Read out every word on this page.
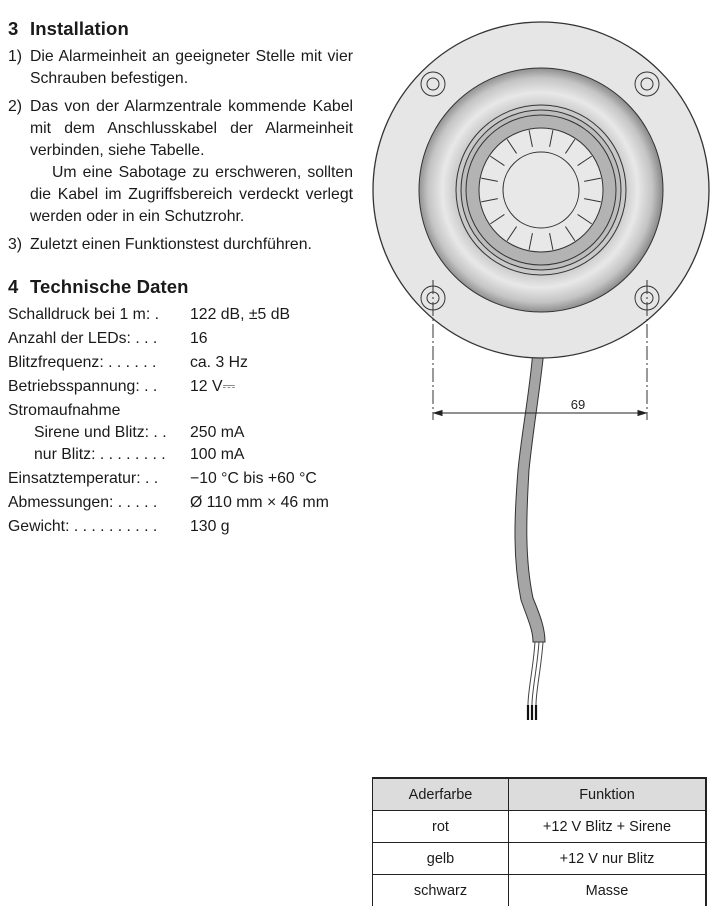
3 Installation
1) Die Alarmeinheit an geeigneter Stelle mit vier Schrauben befestigen.

2) Das von der Alarmzentrale kommende Kabel mit dem Anschlusskabel der Alarmeinheit verbinden, siehe Tabelle.

Um eine Sabotage zu erschweren, sollten die Kabel im Zugriffsbereich verdeckt verlegt werden oder in ein Schutzrohr.

3) Zuletzt einen Funktionstest durchführen.

4 Technische Daten
Schalldruck bei 1 m: .	122 dB, ±5 dB
Anzahl der LEDs: . . .	16
Blitzfrequenz: . . . . . .	ca. 3 Hz
Betriebsspannung: . .	12 V⎓
Stromaufnahme
Sirene und Blitz: . .	250 mA
nur Blitz: . . . . . . . .	100 mA
Einsatztemperatur: . .	−10 °C bis +60 °C
Abmessungen: . . . . .	Ø 110 mm × 46 mm
Gewicht: . . . . . . . . . .	130 g
69
Aderfarbe	Funktion
rot	+12 V Blitz + Sirene
gelb	+12 V nur Blitz
schwarz	Masse
